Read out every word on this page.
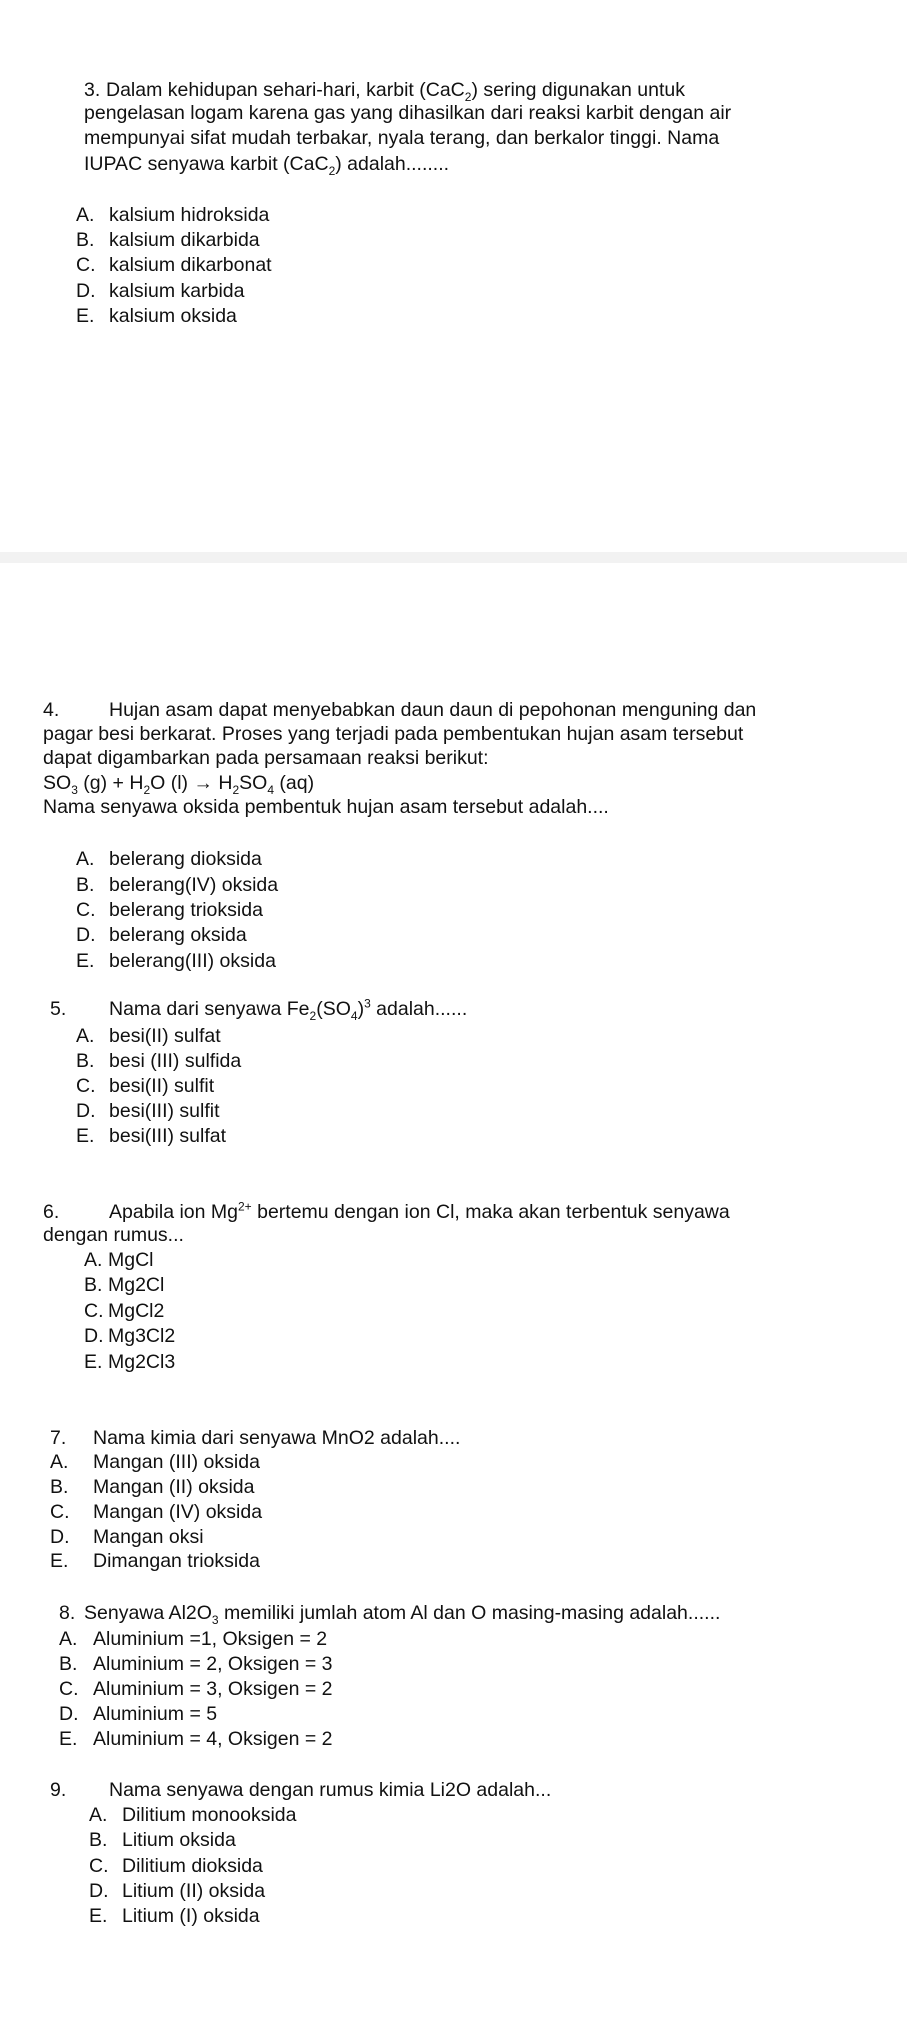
3. Dalam kehidupan sehari-hari, karbit (CaC$_2$) sering digunakan untuk
pengelasan logam karena gas yang dihasilkan dari reaksi karbit dengan air
mempunyai sifat mudah terbakar, nyala terang, dan berkalor tinggi. Nama
IUPAC senyawa karbit (CaC$_2$) adalah........
A. kalsium hidroksida
B. kalsium dikarbida
C. kalsium dikarbonat
D. kalsium karbida
E. kalsium oksida
4.	Hujan asam dapat menyebabkan daun daun di pepohonan menguning dan
pagar besi berkarat. Proses yang terjadi pada pembentukan hujan asam tersebut
dapat digambarkan pada persamaan reaksi berikut:
$SO_3$ $(g) + H_2O$ $(l) \to H_2SO_4$ (aq)
Nama senyawa oksida pembentuk hujan asam tersebut adalah....
A. belerang dioksida
B. belerang(IV) oksida
C. belerang trioksida
D. belerang oksida
E. belerang(III) oksida
5. Nama dari senyawa $Fe_2(SO_4)^3$ adalah......
A. besi(II) sulfat
B. besi (III) sulfida
C. besi(II) sulfit
D. besi(III) sulfit
E. besi(III) sulfat
6.	Apabila ion $Mg^{2+}$ bertemu dengan ion Cl, maka akan terbentuk senyawa
dengan rumus...
A. MgCl
B. Mg2Cl
C. MgCl2
D. Mg3Cl2
E. Mg2Cl3
7. Nama kimia dari senyawa MnO2 adalah....
A. Mangan (III) oksida
B. Mangan (II) oksida
C. Mangan (IV) oksida
D. Mangan oksi
E. Dimangan trioksida
8. Senyawa $Al2O_3$ memiliki jumlah atom Al dan O masing-masing adalah......
A. Aluminium =1, Oksigen = 2
B. Aluminium = 2, Oksigen = 3
C. Aluminium = 3, Oksigen = 2
D. Aluminium = 5
E. Aluminium = 4, Oksigen = 2
9. Nama senyawa dengan rumus kimia Li2O adalah...
A. Dilitium monooksida
B. Litium oksida
C. Dilitium dioksida
D. Litium (II) oksida
E. Litium (I) oksida
